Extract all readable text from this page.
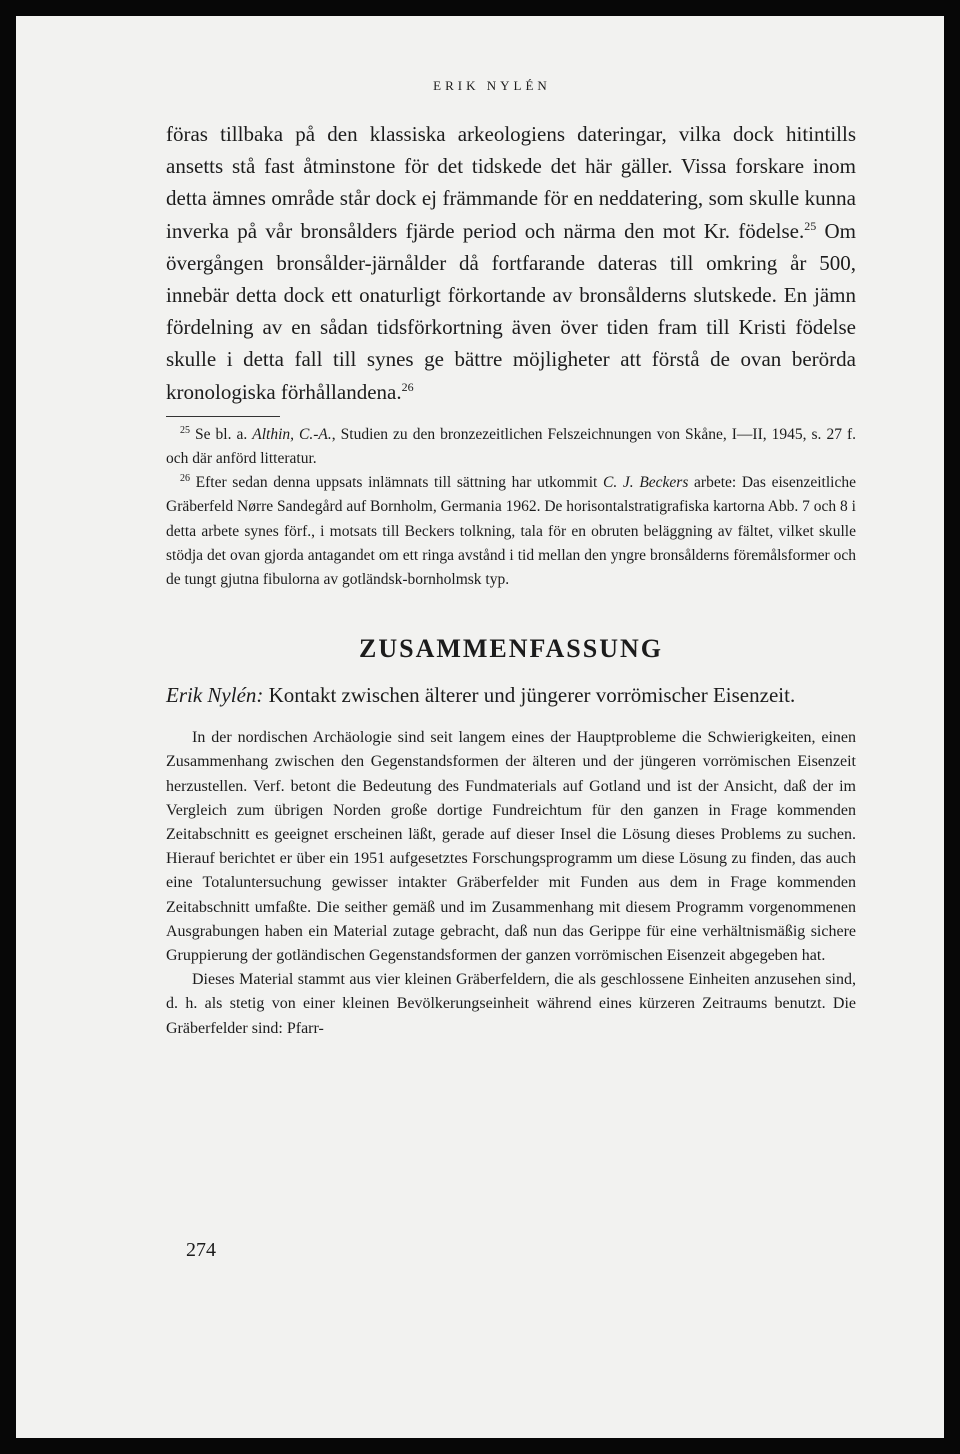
ERIK NYLÉN

föras tillbaka på den klassiska arkeologiens dateringar, vilka dock hitintills ansetts stå fast åtminstone för det tidskede det här gäller. Vissa forskare inom detta ämnes område står dock ej främmande för en neddatering, som skulle kunna inverka på vår bronsålders fjärde period och närma den mot Kr. födelse.$^{25}$ Om övergången bronsålder-järnålder då fortfarande dateras till omkring år 500, innebär detta dock ett onaturligt förkortande av bronsålderns slutskede. En jämn fördelning av en sådan tidsförkortning även över tiden fram till Kristi födelse skulle i detta fall till synes ge bättre möjligheter att förstå de ovan berörda kronologiska förhållandena.$^{26}$

$^{25}$ Se bl. a. Althin, C.-A., Studien zu den bronzezeitlichen Felszeichnungen von Skåne, I—II, 1945, s. 27 f. och där anförd litteratur.

$^{26}$ Efter sedan denna uppsats inlämnats till sättning har utkommit C. J. Beckers arbete: Das eisenzeitliche Gräberfeld Nørre Sandegård auf Bornholm, Germania 1962. De horisontalstratigrafiska kartorna Abb. 7 och 8 i detta arbete synes förf., i motsats till Beckers tolkning, tala för en obruten beläggning av fältet, vilket skulle stödja det ovan gjorda antagandet om ett ringa avstånd i tid mellan den yngre bronsålderns föremålsformer och de tungt gjutna fibulorna av gotländsk-bornholmsk typ.

ZUSAMMENFASSUNG

Erik Nylén: Kontakt zwischen älterer und jüngerer vorrömischer Eisenzeit.

In der nordischen Archäologie sind seit langem eines der Hauptprobleme die Schwierigkeiten, einen Zusammenhang zwischen den Gegenstandsformen der älteren und der jüngeren vorrömischen Eisenzeit herzustellen. Verf. betont die Bedeutung des Fundmaterials auf Gotland und ist der Ansicht, daß der im Vergleich zum übrigen Norden große dortige Fundreichtum für den ganzen in Frage kommenden Zeitabschnitt es geeignet erscheinen läßt, gerade auf dieser Insel die Lösung dieses Problems zu suchen. Hierauf berichtet er über ein 1951 aufgesetztes Forschungsprogramm um diese Lösung zu finden, das auch eine Totaluntersuchung gewisser intakter Gräberfelder mit Funden aus dem in Frage kommenden Zeitabschnitt umfaßte. Die seither gemäß und im Zusammenhang mit diesem Programm vorgenommenen Ausgrabungen haben ein Material zutage gebracht, daß nun das Gerippe für eine verhältnismäßig sichere Gruppierung der gotländischen Gegenstandsformen der ganzen vorrömischen Eisenzeit abgegeben hat.

Dieses Material stammt aus vier kleinen Gräberfeldern, die als geschlossene Einheiten anzusehen sind, d. h. als stetig von einer kleinen Bevölkerungseinheit während eines kürzeren Zeitraums benutzt. Die Gräberfelder sind: Pfarr-

274
